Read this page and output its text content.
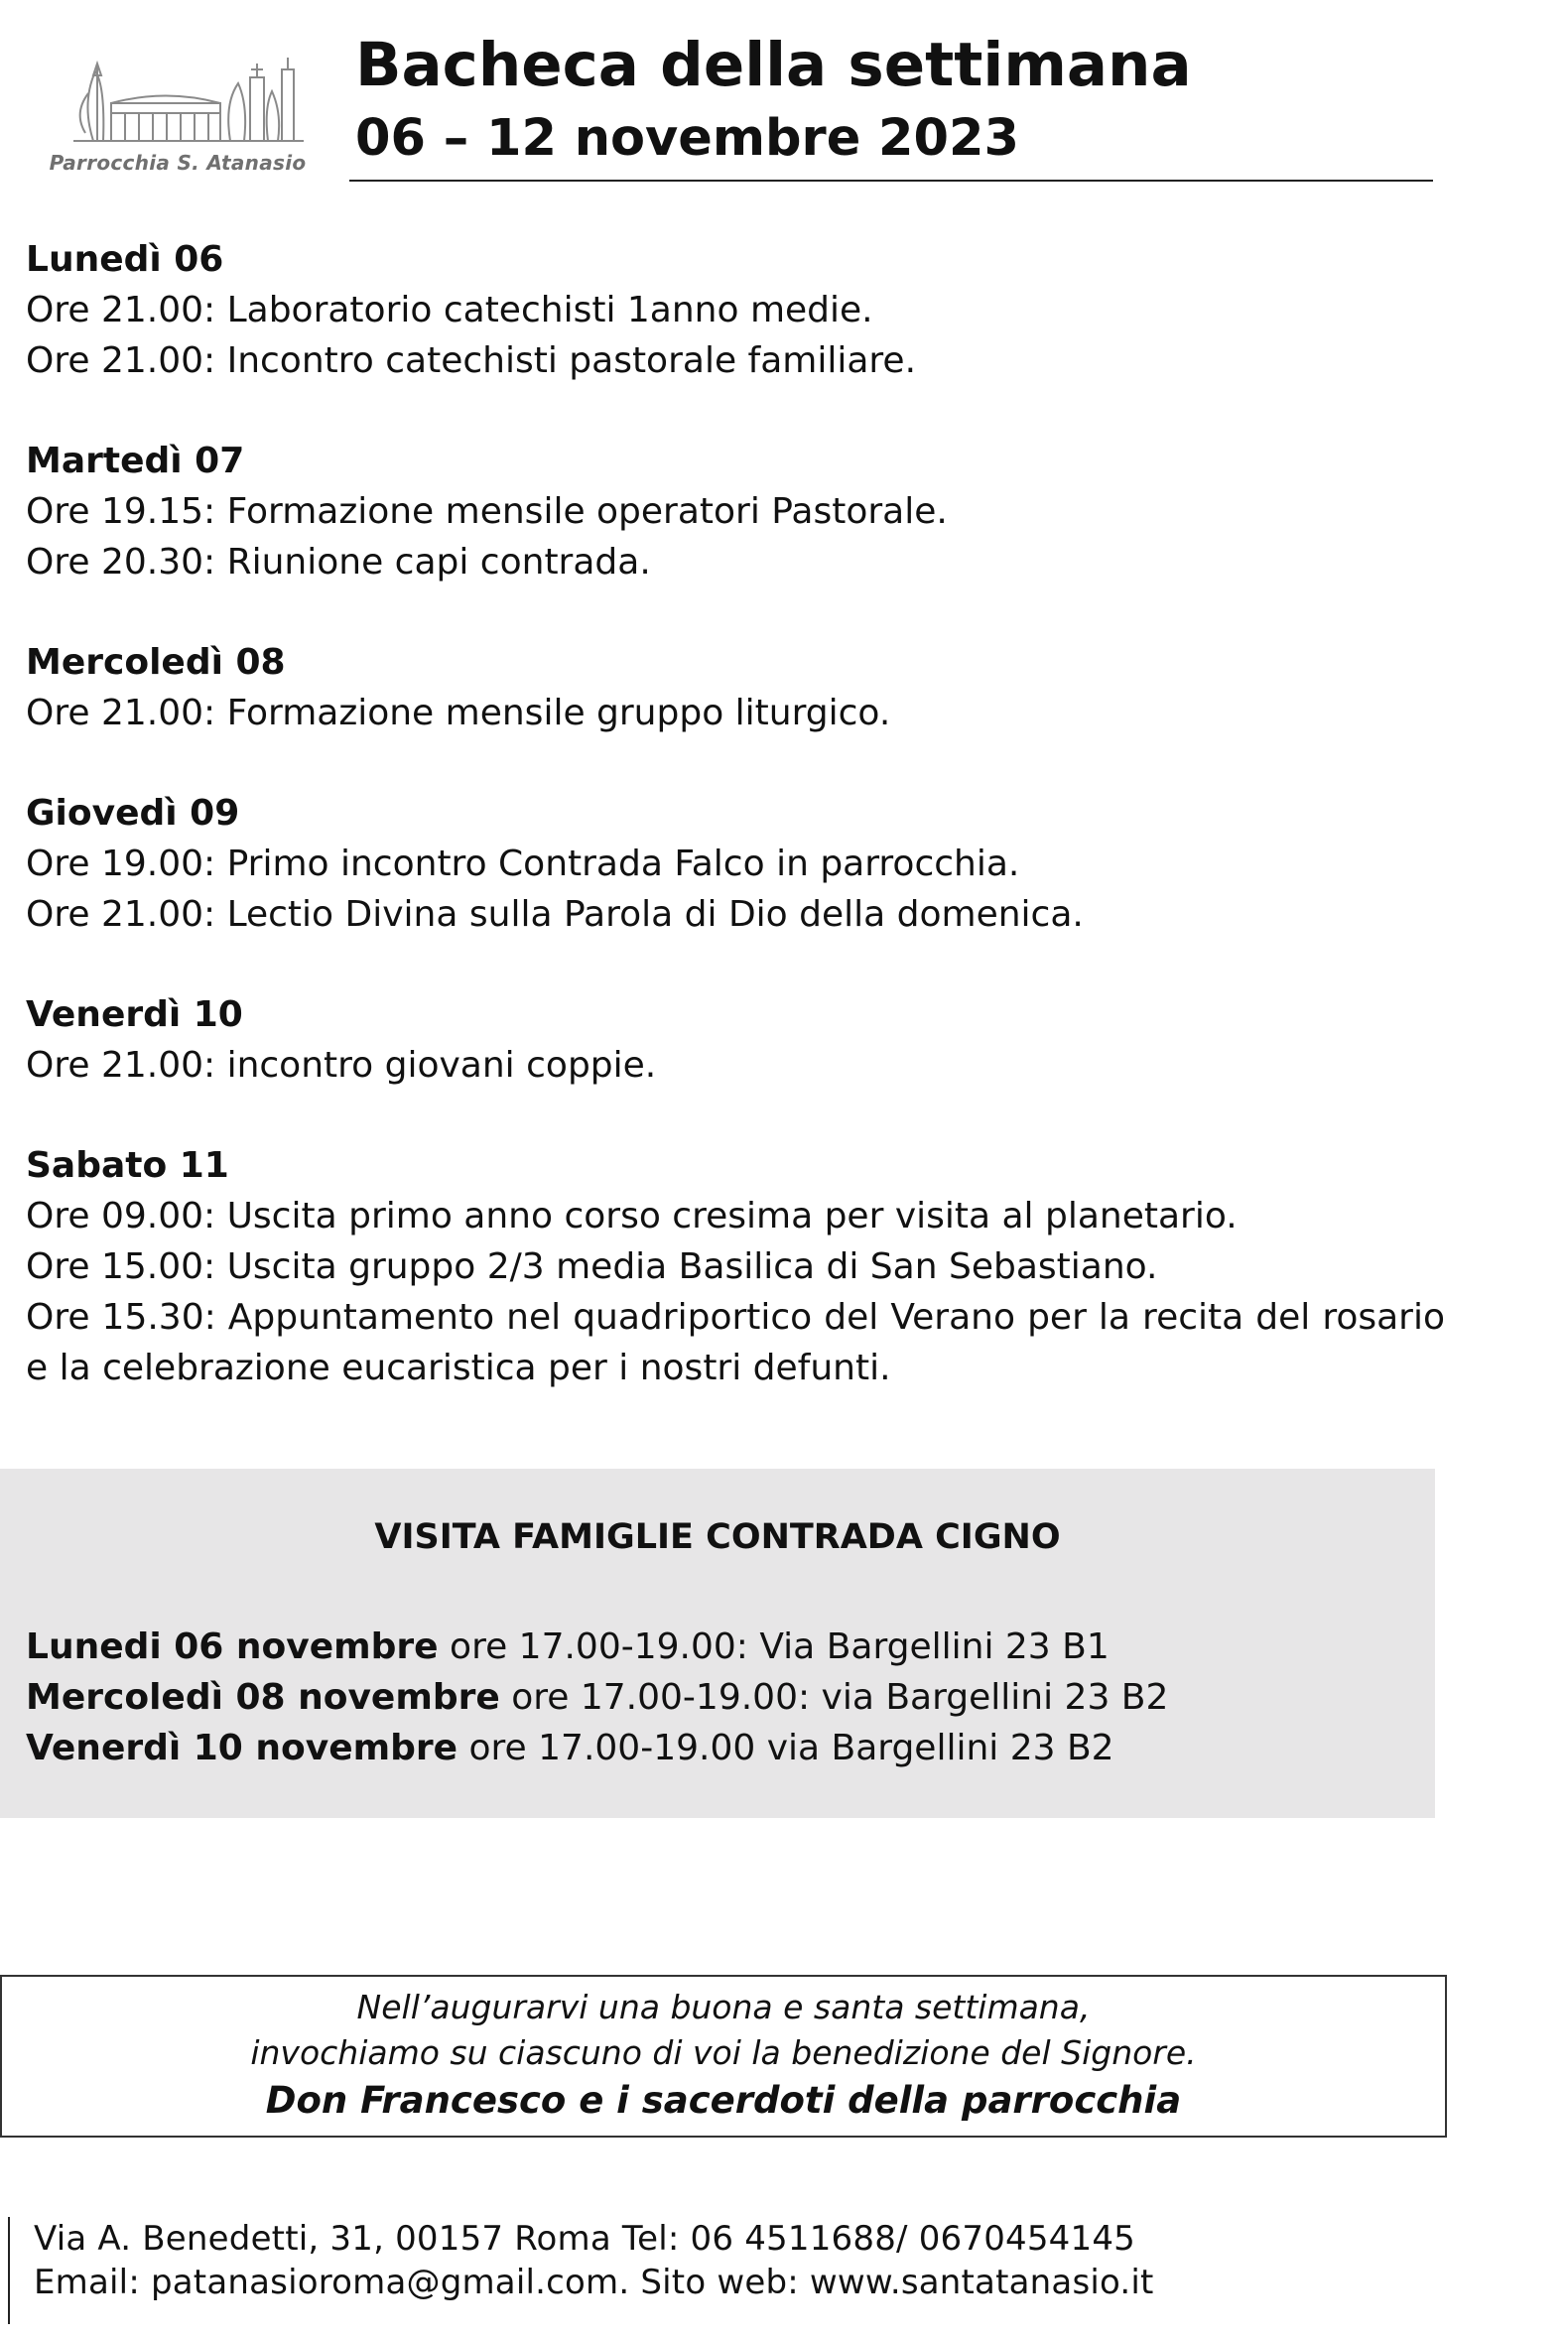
Parrocchia S. Atanasio
Bacheca della settimana
06 – 12 novembre 2023
Lunedì 06
Ore 21.00: Laboratorio catechisti 1anno medie.
Ore 21.00: Incontro catechisti pastorale familiare.
Martedì 07
Ore 19.15: Formazione mensile operatori Pastorale.
Ore 20.30: Riunione capi contrada.
Mercoledì 08
Ore 21.00: Formazione mensile gruppo liturgico.
Giovedì 09
Ore 19.00: Primo incontro Contrada Falco in parrocchia.
Ore 21.00: Lectio Divina sulla Parola di Dio della domenica.
Venerdì 10
Ore 21.00: incontro giovani coppie.
Sabato 11
Ore 09.00: Uscita primo anno corso cresima per visita al planetario.
Ore 15.00: Uscita gruppo 2/3 media Basilica di San Sebastiano.
Ore 15.30: Appuntamento nel quadriportico del Verano per la recita del rosario e la celebrazione eucaristica per i nostri defunti.
VISITA FAMIGLIE CONTRADA CIGNO
Lunedi 06 novembre ore 17.00-19.00: Via Bargellini 23 B1
Mercoledì 08 novembre ore 17.00-19.00: via Bargellini 23 B2
Venerdì 10 novembre ore 17.00-19.00 via Bargellini 23 B2
Nell’augurarvi una buona e santa settimana,
invochiamo su ciascuno di voi la benedizione del Signore.
Don Francesco e i sacerdoti della parrocchia
Via A. Benedetti, 31, 00157 Roma Tel: 06 4511688/ 0670454145
Email: patanasioroma@gmail.com. Sito web: www.santatanasio.it
